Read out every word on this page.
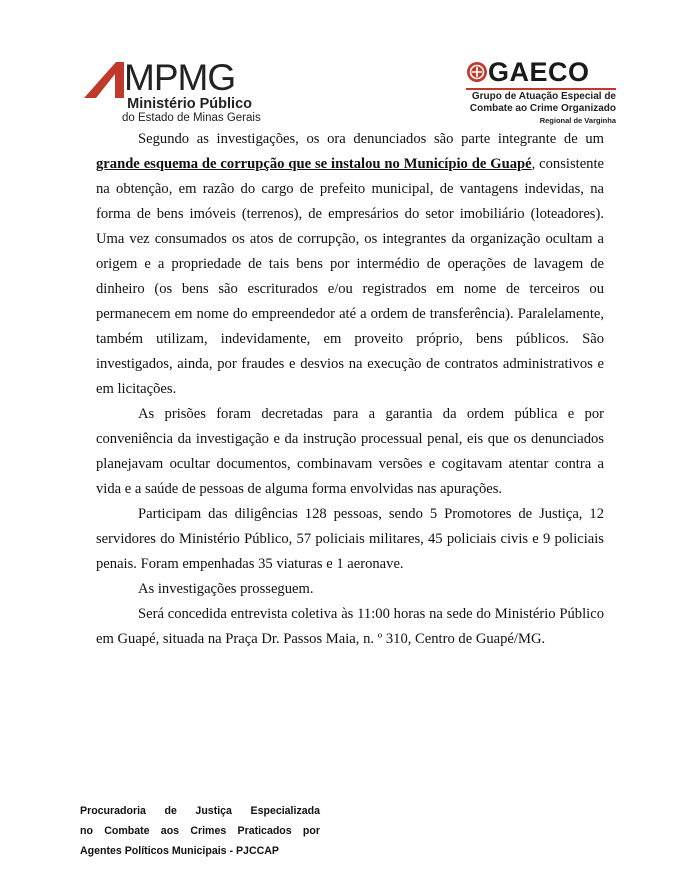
MPMG
Ministério Público
do Estado de Minas Gerais
GAECO
Grupo de Atuação Especial de
Combate ao Crime Organizado
Regional de Varginha

Segundo as investigações, os ora denunciados são parte integrante de um grande esquema de corrupção que se instalou no Município de Guapé, consistente na obtenção, em razão do cargo de prefeito municipal, de vantagens indevidas, na forma de bens imóveis (terrenos), de empresários do setor imobiliário (loteadores). Uma vez consumados os atos de corrupção, os integrantes da organização ocultam a origem e a propriedade de tais bens por intermédio de operações de lavagem de dinheiro (os bens são escriturados e/ou registrados em nome de terceiros ou permanecem em nome do empreendedor até a ordem de transferência). Paralelamente, também utilizam, indevidamente, em proveito próprio, bens públicos. São investigados, ainda, por fraudes e desvios na execução de contratos administrativos e em licitações.

As prisões foram decretadas para a garantia da ordem pública e por conveniência da investigação e da instrução processual penal, eis que os denunciados planejavam ocultar documentos, combinavam versões e cogitavam atentar contra a vida e a saúde de pessoas de alguma forma envolvidas nas apurações.

Participam das diligências 128 pessoas, sendo 5 Promotores de Justiça, 12 servidores do Ministério Público, 57 policiais militares, 45 policiais civis e 9 policiais penais. Foram empenhadas 35 viaturas e 1 aeronave.

As investigações prosseguem.

Será concedida entrevista coletiva às 11:00 horas na sede do Ministério Público em Guapé, situada na Praça Dr. Passos Maia, n. º 310, Centro de Guapé/MG.

Procuradoria de Justiça Especializada
no Combate aos Crimes Praticados por
Agentes Políticos Municipais - PJCCAP
